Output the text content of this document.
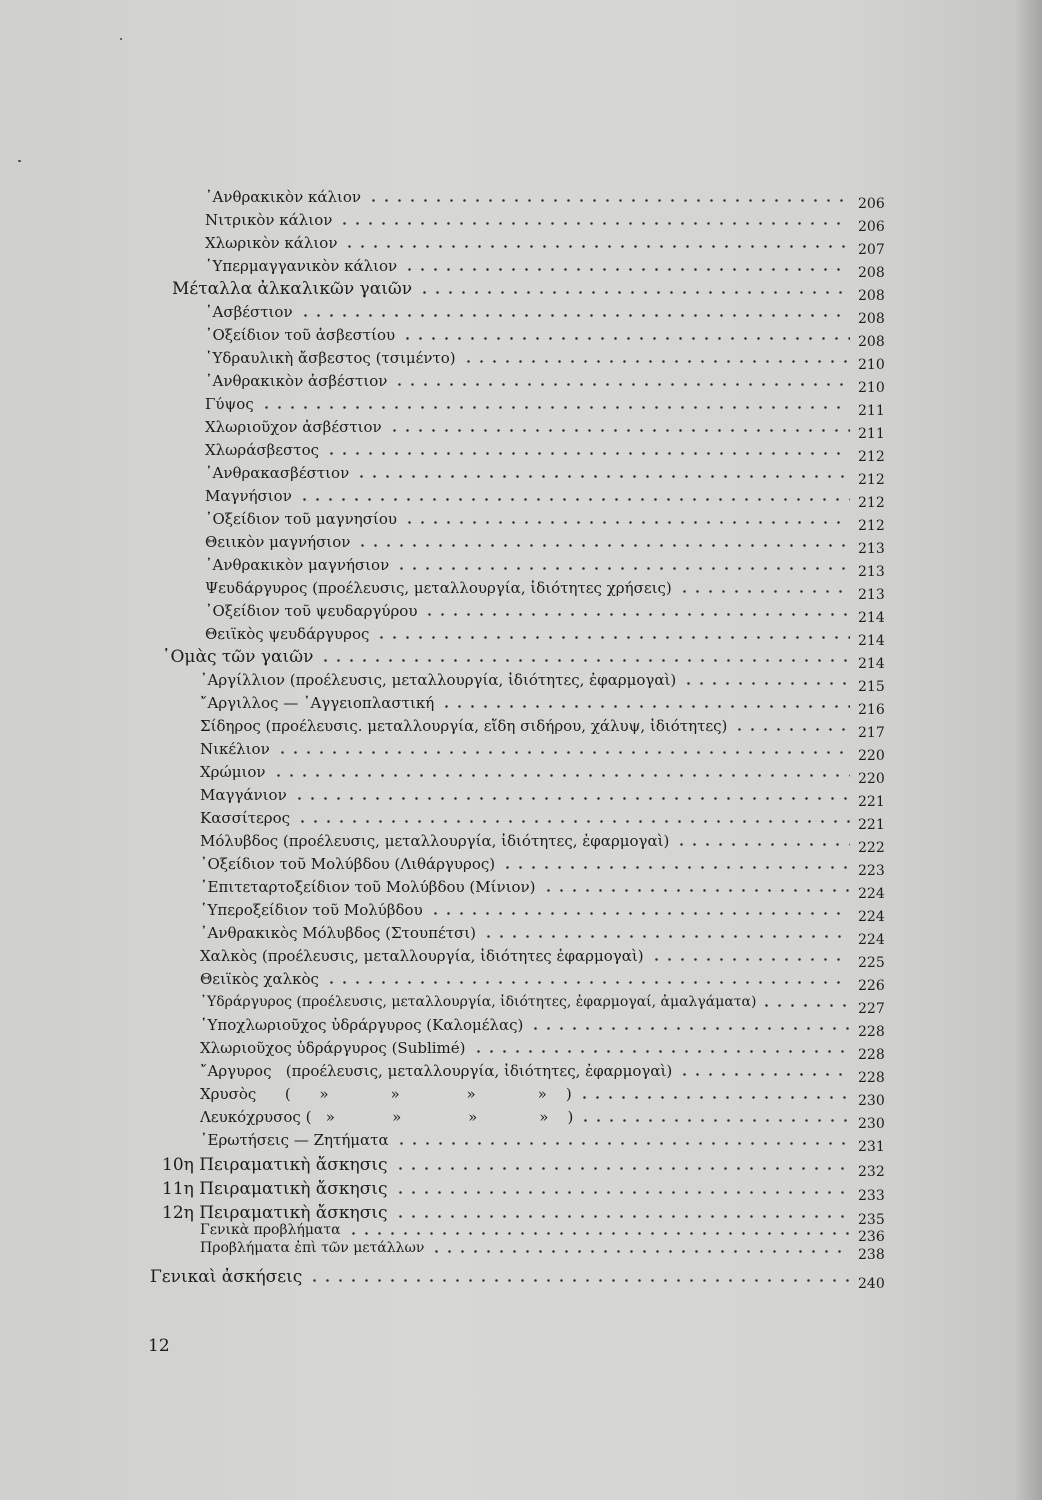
᾿Ανθρακικὸν κάλιον	206
Νιτρικὸν κάλιον	206
Χλωρικὸν κάλιον	207
῾Υπερμαγγανικὸν κάλιον	208
Μέταλλα ἀλκαλικῶν γαιῶν	208
᾿Ασβέστιον	208
᾿Οξείδιον τοῦ ἀσβεστίου	208
῾Υδραυλικὴ ἄσβεστος (τσιμέντο)	210
᾿Ανθρακικὸν ἀσβέστιον	210
Γύψος	211
Χλωριοῦχον ἀσβέστιον	211
Χλωράσβεστος	212
᾿Ανθρακασβέστιον	212
Μαγνήσιον	212
᾿Οξείδιον τοῦ μαγνησίου	212
Θειικὸν μαγνήσιον	213
᾿Ανθρακικὸν μαγνήσιον	213
Ψευδάργυρος (προέλευσις, μεταλλουργία, ἰδιότητες χρήσεις)	213
᾿Οξείδιον τοῦ ψευδαργύρου	214
Θειϊκὸς ψευδάργυρος	214
῾Ομὰς τῶν γαιῶν	214
᾿Αργίλλιον (προέλευσις, μεταλλουργία, ἰδιότητες, ἐφαρμογαὶ)	215
῎Αργιλλος — ᾿Αγγειοπλαστική	216
Σίδηρος (προέλευσις. μεταλλουργία, εἴδη σιδήρου, χάλυψ, ἰδιότητες)	217
Νικέλιον	220
Χρώμιον	220
Μαγγάνιον	221
Κασσίτερος	221
Μόλυβδος (προέλευσις, μεταλλουργία, ἰδιότητες, ἐφαρμογαὶ)	222
᾿Οξείδιον τοῦ Μολύβδου (Λιθάργυρος)	223
᾿Επιτεταρτοξείδιον τοῦ Μολύβδου (Μίνιον)	224
῾Υπεροξείδιον τοῦ Μολύβδου	224
᾿Ανθρακικὸς Μόλυβδος (Στουπέτσι)	224
Χαλκὸς (προέλευσις, μεταλλουργία, ἰδιότητες ἐφαρμογαὶ)	225
Θειϊκὸς χαλκὸς	226
῾Υδράργυρος (προέλευσις, μεταλλουργία, ἰδιότητες, ἐφαρμογαί, ἀμαλγάματα)	227
῾Υποχλωριοῦχος ὑδράργυρος (Καλομέλας)	228
Χλωριοῦχος ὑδράργυρος (Sublimé)	228
῎Αργυρος   (προέλευσις, μεταλλουργία, ἰδιότητες, ἐφαρμογαὶ)	228
Χρυσὸς      (      »             »              »             »    )	230
Λευκόχρυσος (   »            »              »             »    )	230
᾿Ερωτήσεις — Ζητήματα	231
10η Πειραματικὴ ἄσκησις	232
11η Πειραματικὴ ἄσκησις	233
12η Πειραματικὴ ἄσκησις	235
Γενικὰ προβλήματα	236
Προβλήματα ἐπὶ τῶν μετάλλων	238
Γενικαὶ ἀσκήσεις	240
12
